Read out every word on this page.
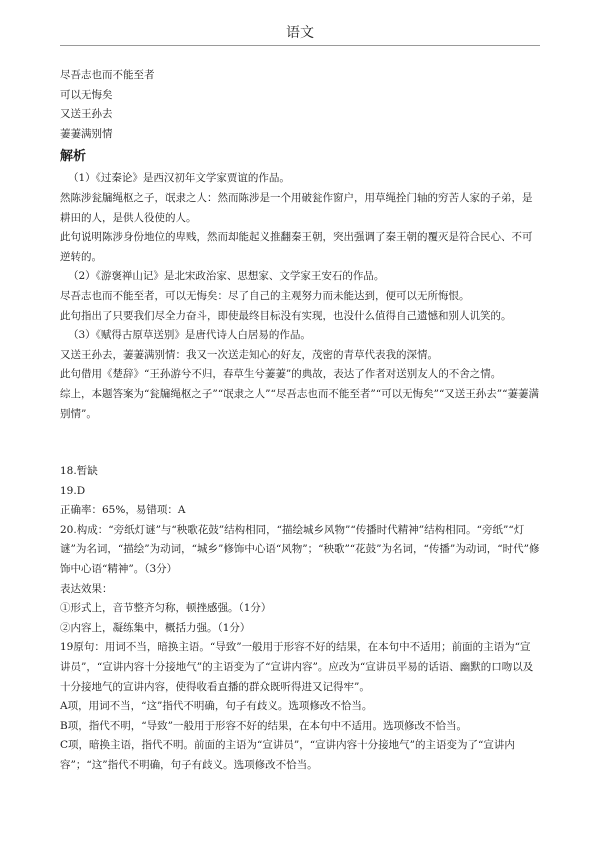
语文

尽吾志也而不能至者

可以无悔矣

又送王孙去

萋萋满别情

解析

（1）《过秦论》是西汉初年文学家贾谊的作品。

然陈涉瓮牖绳枢之子，氓隶之人：然而陈涉是一个用破瓮作窗户，用草绳拴门轴的穷苦人家的子弟，是耕田的人，是供人役使的人。

此句说明陈涉身份地位的卑贱，然而却能起义推翻秦王朝，突出强调了秦王朝的覆灭是符合民心、不可逆转的。

（2）《游褒禅山记》是北宋政治家、思想家、文学家王安石的作品。

尽吾志也而不能至者，可以无悔矣：尽了自己的主观努力而未能达到，便可以无所悔恨。

此句指出了只要我们尽全力奋斗，即使最终目标没有实现，也没什么值得自己遗憾和别人讥笑的。

（3）《赋得古原草送别》是唐代诗人白居易的作品。

又送王孙去，萋萋满别情：我又一次送走知心的好友，茂密的青草代表我的深情。

此句借用《楚辞》“王孙游兮不归，春草生兮萋萋”的典故，表达了作者对送别友人的不舍之情。

综上，本题答案为“瓮牖绳枢之子”“氓隶之人”“尽吾志也而不能至者”“可以无悔矣”“又送王孙去”“萋萋满别情”。

18.暂缺

19.D

正确率：65%，易错项：A

20.构成：“旁纸灯谜”与“秧歌花鼓”结构相同，“描绘城乡风物”“传播时代精神”结构相同。“旁纸”“灯谜”为名词，“描绘”为动词，“城乡”修饰中心语“风物”；“秧歌”“花鼓”为名词，“传播”为动词，“时代”修饰中心语“精神”。（3分）

表达效果：

①形式上，音节整齐匀称，顿挫感强。（1分）

②内容上，凝练集中，概括力强。（1分）

19原句：用词不当，暗换主语。“导致”一般用于形容不好的结果，在本句中不适用；前面的主语为“宣讲员”，“宣讲内容十分接地气”的主语变为了“宣讲内容”。应改为“宣讲员平易的话语、幽默的口吻以及十分接地气的宣讲内容，使得收看直播的群众既听得进又记得牢”。

A项，用词不当，“这”指代不明确，句子有歧义。选项修改不恰当。

B项，指代不明，“导致”一般用于形容不好的结果，在本句中不适用。选项修改不恰当。

C项，暗换主语，指代不明。前面的主语为“宣讲员”，“宣讲内容十分接地气”的主语变为了“宣讲内容”；“这”指代不明确，句子有歧义。选项修改不恰当。
